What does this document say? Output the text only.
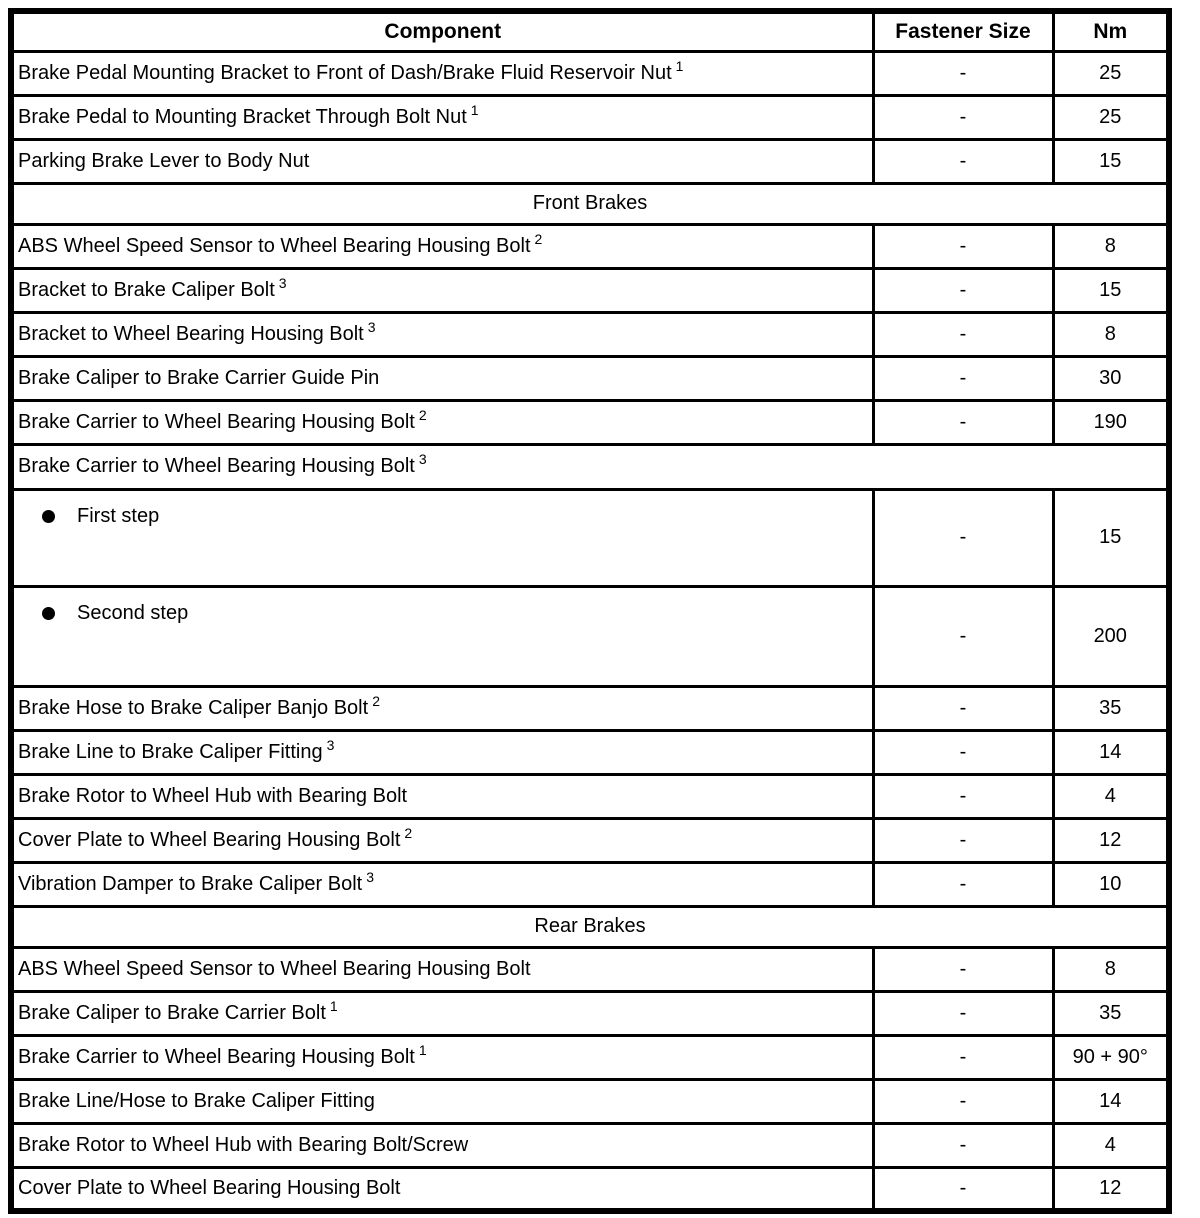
Component	Fastener Size	Nm
Brake Pedal Mounting Bracket to Front of Dash/Brake Fluid Reservoir Nut $^1$	-	25
Brake Pedal to Mounting Bracket Through Bolt Nut $^1$	-	25
Parking Brake Lever to Body Nut	-	15
Front Brakes		
ABS Wheel Speed Sensor to Wheel Bearing Housing Bolt $^2$	-	8
Bracket to Brake Caliper Bolt $^3$	-	15
Bracket to Wheel Bearing Housing Bolt $^3$	-	8
Brake Caliper to Brake Carrier Guide Pin	-	30
Brake Carrier to Wheel Bearing Housing Bolt $^2$	-	190
Brake Carrier to Wheel Bearing Housing Bolt $^3$
First step	-	15
Second step	-	200
Brake Hose to Brake Caliper Banjo Bolt $^2$	-	35
Brake Line to Brake Caliper Fitting $^3$	-	14
Brake Rotor to Wheel Hub with Bearing Bolt	-	4
Cover Plate to Wheel Bearing Housing Bolt $^2$	-	12
Vibration Damper to Brake Caliper Bolt $^3$	-	10
Rear Brakes		
ABS Wheel Speed Sensor to Wheel Bearing Housing Bolt	-	8
Brake Caliper to Brake Carrier Bolt $^1$	-	35
Brake Carrier to Wheel Bearing Housing Bolt $^1$	-	90 + 90°
Brake Line/Hose to Brake Caliper Fitting	-	14
Brake Rotor to Wheel Hub with Bearing Bolt/Screw	-	4
Cover Plate to Wheel Bearing Housing Bolt	-	12
